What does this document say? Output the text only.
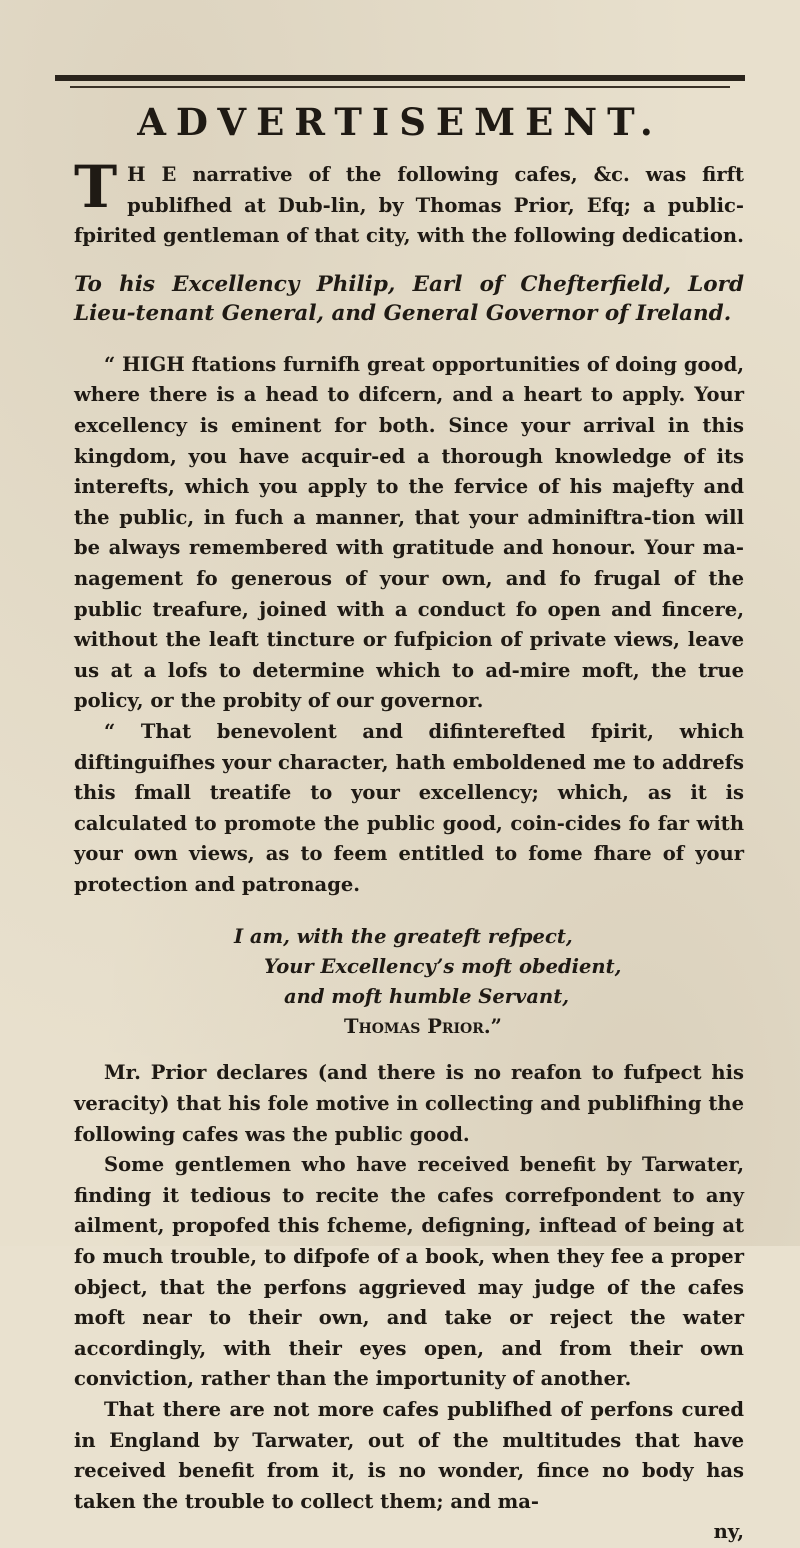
ADVERTISEMENT.

T H E narrative of the following cafes, &c. was firft publifhed at Dub-lin, by Thomas Prior, Efq; a public-fpirited gentleman of that city, with the following dedication.

To his Excellency Philip, Earl of Chefterfield, Lord Lieu-tenant General, and General Governor of Ireland.

“ HIGH ftations furnifh great opportunities of doing good, where there is a head to difcern, and a heart to apply. Your excellency is eminent for both. Since your arrival in this kingdom, you have acquir-ed a thorough knowledge of its interefts, which you apply to the fervice of his majefty and the public, in fuch a manner, that your adminiftra-tion will be always remembered with gratitude and honour. Your ma-nagement fo generous of your own, and fo frugal of the public treafure, joined with a conduct fo open and fincere, without the leaft tincture or fufpicion of private views, leave us at a lofs to determine which to ad-mire moft, the true policy, or the probity of our governor.

“ That benevolent and difinterefted fpirit, which diftinguifhes your character, hath emboldened me to addrefs this fmall treatife to your excellency; which, as it is calculated to promote the public good, coin-cides fo far with your own views, as to feem entitled to fome fhare of your protection and patronage.

I am, with the greateft refpect,
Your Excellency’s moft obedient,
and moft humble Servant,
Thomas Prior.”

Mr. Prior declares (and there is no reafon to fufpect his veracity) that his fole motive in collecting and publifhing the following cafes was the public good.

Some gentlemen who have received benefit by Tarwater, finding it tedious to recite the cafes correfpondent to any ailment, propofed this fcheme, defigning, inftead of being at fo much trouble, to difpofe of a book, when they fee a proper object, that the perfons aggrieved may judge of the cafes moft near to their own, and take or reject the water accordingly, with their eyes open, and from their own conviction, rather than the importunity of another.

That there are not more cafes publifhed of perfons cured in England by Tarwater, out of the multitudes that have received benefit from it, is no wonder, fince no body has taken the trouble to collect them; and ma-

ny,
